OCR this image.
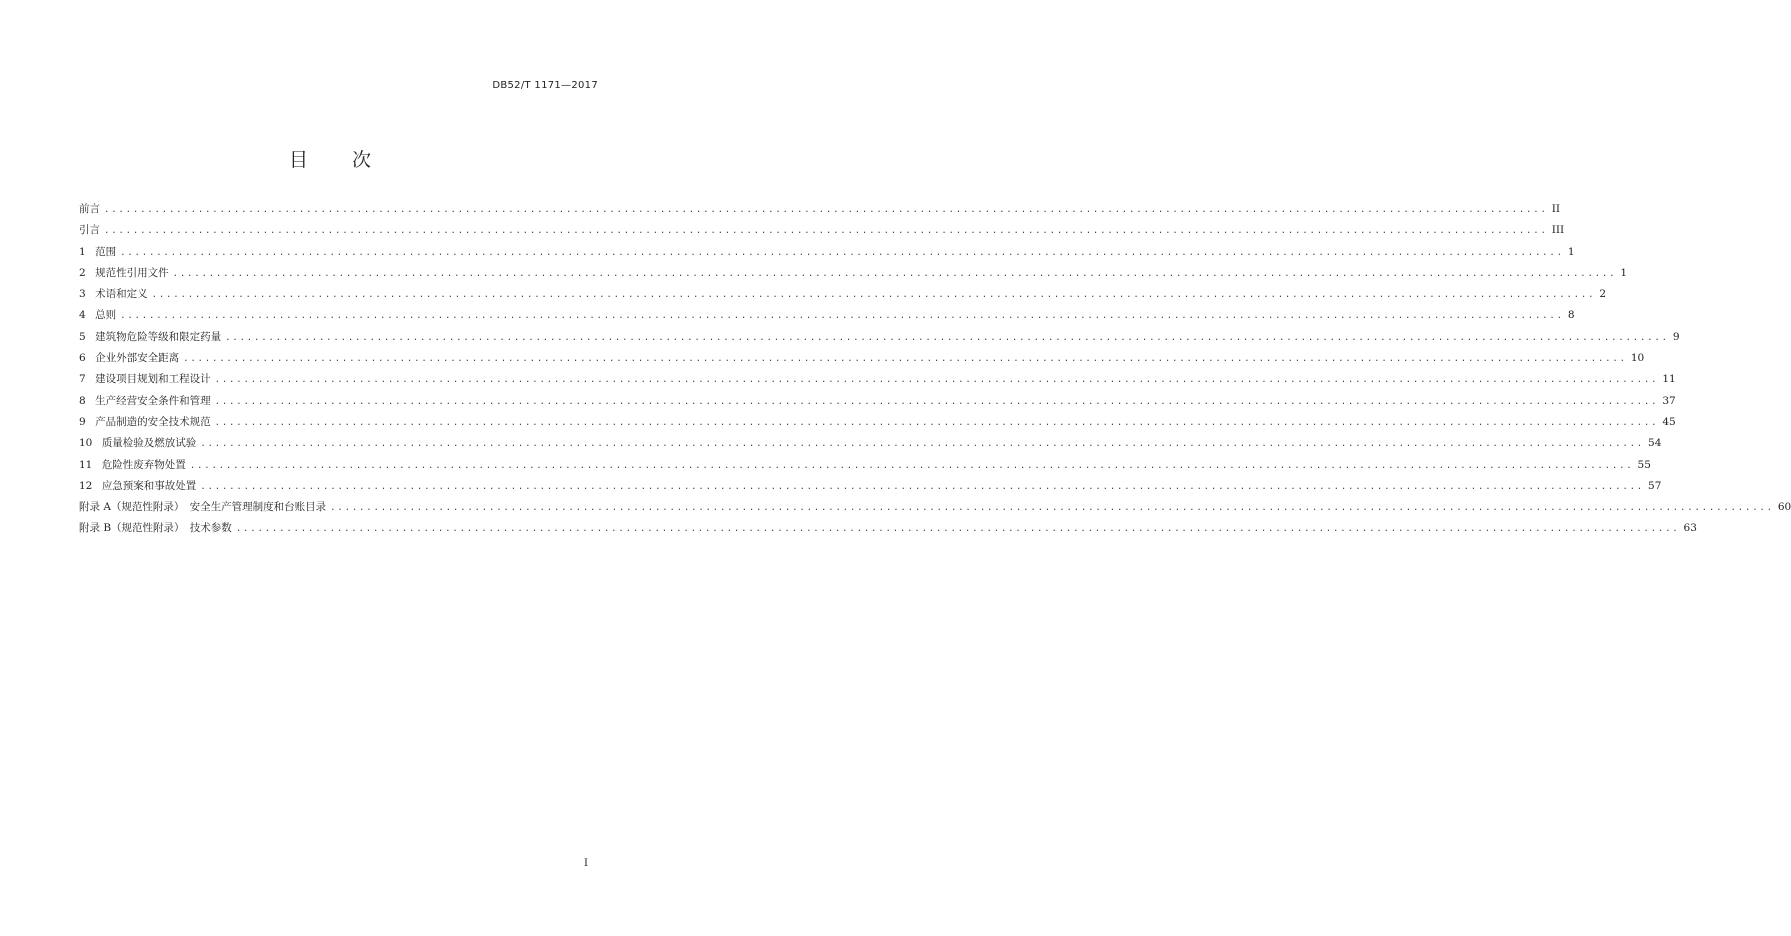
DB52/T 1171—2017
目　　次
前言 ........................................................................................................................................................................................................ II
引言 ........................................................................................................................................................................................................ III
1 范围 ........................................................................................................................................................................................................ 1
2 规范性引用文件 ........................................................................................................................................................................................................ 1
3 术语和定义 ........................................................................................................................................................................................................ 2
4 总则 ........................................................................................................................................................................................................ 8
5 建筑物危险等级和限定药量 ........................................................................................................................................................................................................ 9
6 企业外部安全距离 ........................................................................................................................................................................................................ 10
7 建设项目规划和工程设计 ........................................................................................................................................................................................................ 11
8 生产经营安全条件和管理 ........................................................................................................................................................................................................ 37
9 产品制造的安全技术规范 ........................................................................................................................................................................................................ 45
10 质量检验及燃放试验 ........................................................................................................................................................................................................ 54
11 危险性废弃物处置 ........................................................................................................................................................................................................ 55
12 应急预案和事故处置 ........................................................................................................................................................................................................ 57
附录 A（规范性附录）　安全生产管理制度和台账目录 ........................................................................................................................................................................................................ 60
附录 B（规范性附录）　技术参数 ........................................................................................................................................................................................................ 63
I
